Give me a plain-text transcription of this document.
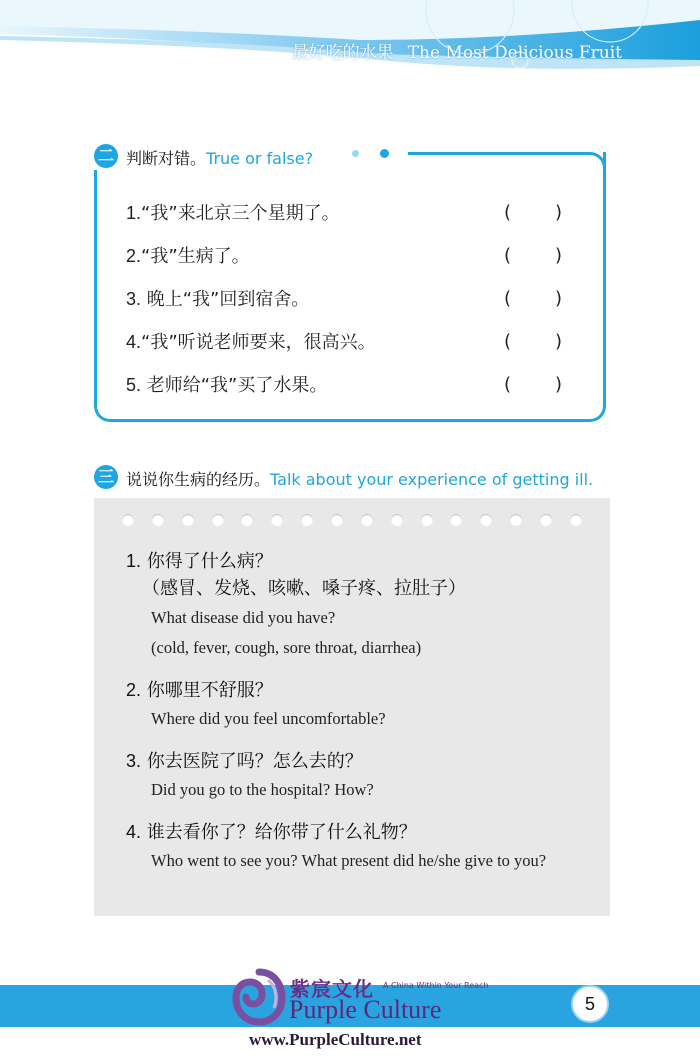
最好吃的水果 The Most Delicious Fruit
二 判断对错。True or false?
1.“我”来北京三个星期了。	( )
2.“我”生病了。	( )
3. 晚上“我”回到宿舍。	( )
4.“我”听说老师要来，很高兴。	( )
5. 老师给“我”买了水果。	( )
三 说说你生病的经历。Talk about your experience of getting ill.
1. 你得了什么病？
（感冒、发烧、咳嗽、嗓子疼、拉肚子）
What disease did you have?
(cold, fever, cough, sore throat, diarrhea)
2. 你哪里不舒服？
Where did you feel uncomfortable?
3. 你去医院了吗？怎么去的？
Did you go to the hospital? How?
4. 谁去看你了？给你带了什么礼物？
Who went to see you? What present did he/she give to you?
5
紫宸文化 A China Within Your Reach
Purple Culture
www.PurpleCulture.net
